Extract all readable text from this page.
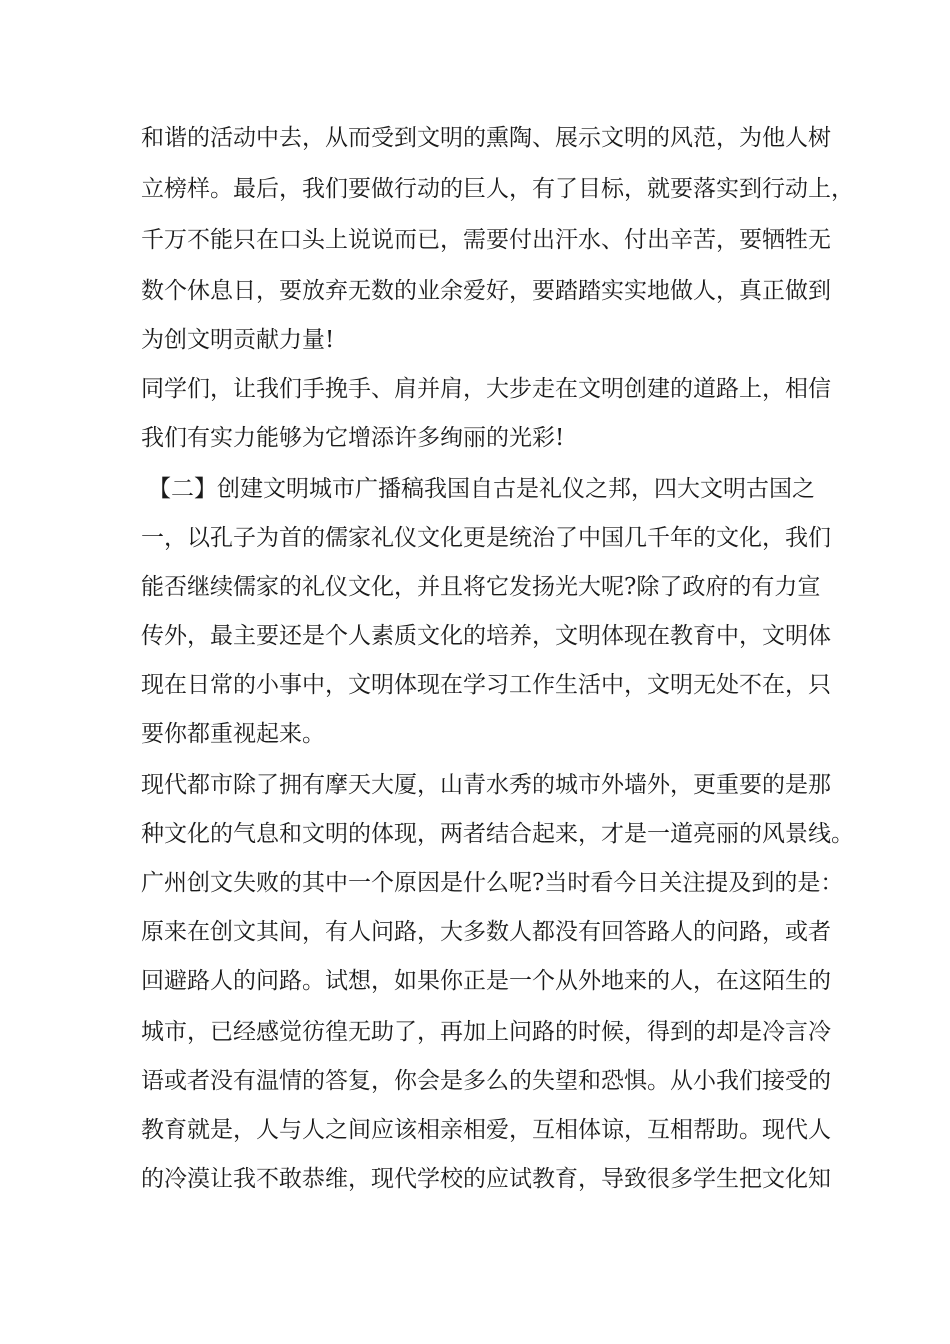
和谐的活动中去，从而受到文明的熏陶、展示文明的风范，为他人树
立榜样。最后，我们要做行动的巨人，有了目标，就要落实到行动上，
千万不能只在口头上说说而已，需要付出汗水、付出辛苦，要牺牲无
数个休息日，要放弃无数的业余爱好，要踏踏实实地做人，真正做到
为创文明贡献力量!
同学们，让我们手挽手、肩并肩，大步走在文明创建的道路上，相信
我们有实力能够为它增添许多绚丽的光彩!
【二】创建文明城市广播稿我国自古是礼仪之邦，四大文明古国之
一，以孔子为首的儒家礼仪文化更是统治了中国几千年的文化，我们
能否继续儒家的礼仪文化，并且将它发扬光大呢?除了政府的有力宣
传外，最主要还是个人素质文化的培养，文明体现在教育中，文明体
现在日常的小事中，文明体现在学习工作生活中，文明无处不在，只
要你都重视起来。
现代都市除了拥有摩天大厦，山青水秀的城市外墙外，更重要的是那
种文化的气息和文明的体现，两者结合起来，才是一道亮丽的风景线。
广州创文失败的其中一个原因是什么呢?当时看今日关注提及到的是：
原来在创文其间，有人问路，大多数人都没有回答路人的问路，或者
回避路人的问路。试想，如果你正是一个从外地来的人，在这陌生的
城市，已经感觉彷徨无助了，再加上问路的时候，得到的却是冷言冷
语或者没有温情的答复，你会是多么的失望和恐惧。从小我们接受的
教育就是，人与人之间应该相亲相爱，互相体谅，互相帮助。现代人
的冷漠让我不敢恭维，现代学校的应试教育，导致很多学生把文化知
